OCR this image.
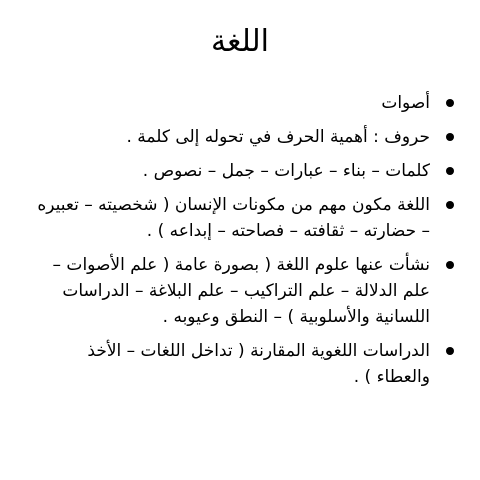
اللغة
أصوات
حروف : أهمية الحرف في تحوله إلى كلمة .
كلمات – بناء – عبارات – جمل – نصوص .
اللغة مكون مهم من مكونات الإنسان ( شخصيته – تعبيره – حضارته – ثقافته – فصاحته – إبداعه ) .
نشأت عنها علوم اللغة ( بصورة عامة ( علم الأصوات – علم الدلالة – علم التراكيب – علم البلاغة – الدراسات اللسانية والأسلوبية ) – النطق وعيوبه .
الدراسات اللغوية المقارنة ( تداخل اللغات – الأخذ والعطاء ) .
